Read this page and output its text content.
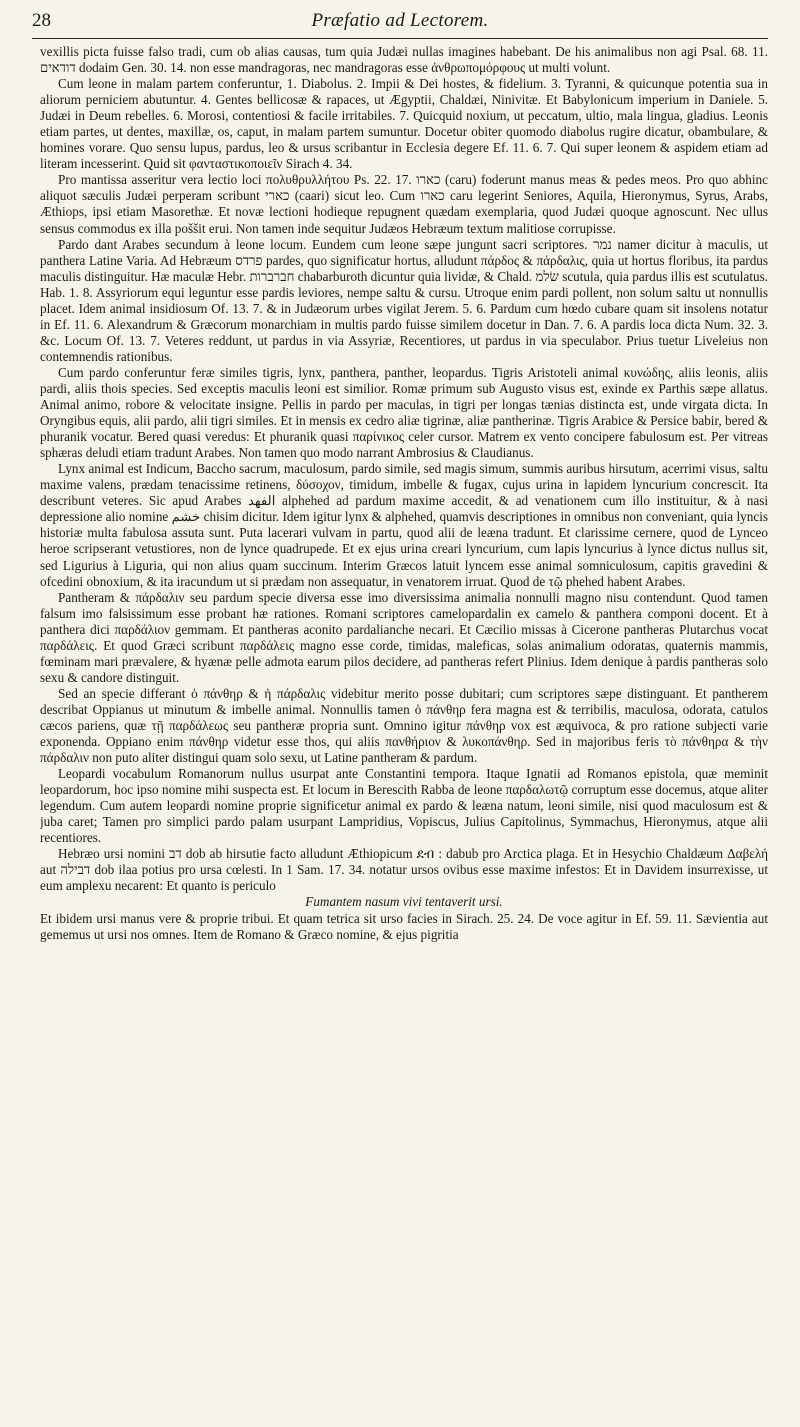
28	Præfatio ad Lectorem.

vexillis picta fuisse falso tradi, cum ob alias causas, tum quia Judæi nullas imagines habebant. De his animalibus non agi Psal. 68. 11. דודאים dodaim Gen. 30. 14. non esse mandragoras, nec mandragoras esse ἀνθρωπομόρφους ut multi volunt.

Cum leone in malam partem conferuntur, 1. Diabolus. 2. Impii & Dei hostes, & fidelium. 3. Tyranni, & quicunque potentia sua in aliorum perniciem abutuntur. 4. Gentes bellicosæ & rapaces, ut Ægyptii, Chaldæi, Ninivitæ. Et Babylonicum imperium in Daniele. 5. Judæi in Deum rebelles. 6. Morosi, contentiosi & facile irritabiles. 7. Quicquid noxium, ut peccatum, ultio, mala lingua, gladius. Leonis etiam partes, ut dentes, maxillæ, os, caput, in malam partem sumuntur. Docetur obiter quomodo diabolus rugire dicatur, obambulare, & homines vorare. Quo sensu lupus, pardus, leo & ursus scribantur in Ecclesia degere Ef. 11. 6. 7. Qui super leonem & aspidem etiam ad literam incesserint. Quid sit φανταστικοποιεῖν Sirach 4. 34.

Pro mantissa asseritur vera lectio loci πολυθρυλλήτου Ps. 22. 17. כארו (caru) foderunt manus meas & pedes meos. Pro quo abhinc aliquot sæculis Judæi perperam scribunt כארי (caari) sicut leo. Cum כארו caru legerint Seniores, Aquila, Hieronymus, Syrus, Arabs, Æthiops, ipsi etiam Masorethæ. Et novæ lectioni hodieque repugnent quædam exemplaria, quod Judæi quoque agnoscunt. Nec ullus sensus commodus ex illa poššit erui. Non tamen inde sequitur Judæos Hebræum textum malitiose corrupisse.

Pardo dant Arabes secundum à leone locum. Eundem cum leone sæpe jungunt sacri scriptores. נמר namer dicitur à maculis, ut panthera Latine Varia. Ad Hebræum פרדס pardes, quo significatur hortus, alludunt πάρδος & πάρδαλις, quia ut hortus floribus, ita pardus maculis distinguitur. Hæ maculæ Hebr. חברברות chabarburoth dicuntur quia lividæ, & Chald. שׂלמ scutula, quia pardus illis est scutulatus. Hab. 1. 8. Assyriorum equi leguntur esse pardis leviores, nempe saltu & cursu. Utroque enim pardi pollent, non solum saltu ut nonnullis placet. Idem animal insidiosum Of. 13. 7. & in Judæorum urbes vigilat Jerem. 5. 6. Pardum cum hœdo cubare quam sit insolens notatur in Ef. 11. 6. Alexandrum & Græcorum monarchiam in multis pardo fuisse similem docetur in Dan. 7. 6. A pardis loca dicta Num. 32. 3. &c. Locum Of. 13. 7. Veteres reddunt, ut pardus in via Assyriæ, Recentiores, ut pardus in via speculabor. Prius tuetur Liveleius non contemnendis rationibus.

Cum pardo conferuntur feræ similes tigris, lynx, panthera, panther, leopardus. Tigris Aristoteli animal κυνώδης, aliis leonis, aliis pardi, aliis thois species. Sed exceptis maculis leoni est similior. Romæ primum sub Augusto visus est, exinde ex Parthis sæpe allatus. Animal animo, robore & velocitate insigne. Pellis in pardo per maculas, in tigri per longas tænias distincta est, unde virgata dicta. In Oryngibus equis, alii pardo, alii tigri similes. Et in mensis ex cedro aliæ tigrinæ, aliæ pantherinæ. Tigris Arabice & Persice babir, bered & phuranik vocatur. Bered quasi veredus: Et phuranik quasi παρίνικος celer cursor. Matrem ex vento concipere fabulosum est. Per vitreas sphæras deludi etiam tradunt Arabes. Non tamen quo modo narrant Ambrosius & Claudianus.

Lynx animal est Indicum, Baccho sacrum, maculosum, pardo simile, sed magis simum, summis auribus hirsutum, acerrimi visus, saltu maxime valens, prædam tenacissime retinens, δύσοχον, timidum, imbelle & fugax, cujus urina in lapidem lyncurium concrescit. Ita describunt veteres. Sic apud Arabes الفهد alphehed ad pardum maxime accedit, & ad venationem cum illo instituitur, & à nasi depressione alio nomine خشم chisim dicitur. Idem igitur lynx & alphehed, quamvis descriptiones in omnibus non conveniant, quia lyncis historiæ multa fabulosa assuta sunt. Puta lacerari vulvam in partu, quod alii de leæna tradunt. Et clarissime cernere, quod de Lynceo heroe scripserant vetustiores, non de lynce quadrupede. Et ex ejus urina creari lyncurium, cum lapis lyncurius à lynce dictus nullus sit, sed Ligurius à Liguria, qui non alius quam succinum. Interim Græcos latuit lyncem esse animal somniculosum, capitis gravedini & ofcedini obnoxium, & ita iracundum ut si prædam non assequatur, in venatorem irruat. Quod de τῷ phehed habent Arabes.

Pantheram & πάρδαλιν seu pardum specie diversa esse imo diversissima animalia nonnulli magno nisu contendunt. Quod tamen falsum imo falsissimum esse probant hæ rationes. Romani scriptores camelopardalin ex camelo & panthera componi docent. Et à panthera dici παρδάλιον gemmam. Et pantheras aconito pardalianche necari. Et Cæcilio missas à Cicerone pantheras Plutarchus vocat παρδάλεις. Et quod Græci scribunt παρδάλεις magno esse corde, timidas, maleficas, solas animalium odoratas, quaternis mammis, fœminam mari prævalere, & hyænæ pelle admota earum pilos decidere, ad pantheras refert Plinius. Idem denique à pardis pantheras solo sexu & candore distinguit.

Sed an specie differant ὁ πάνθηρ & ἡ πάρδαλις videbitur merito posse dubitari; cum scriptores sæpe distinguant. Et pantherem describat Oppianus ut minutum & imbelle animal. Nonnullis tamen ὁ πάνθηρ fera magna est & terribilis, maculosa, odorata, catulos cæcos pariens, quæ τῇ παρδάλεως seu pantheræ propria sunt. Omnino igitur πάνθηρ vox est æquivoca, & pro ratione subjecti varie exponenda. Oppiano enim πάνθηρ videtur esse thos, qui aliis πανθήριον & λυκοπάνθηρ. Sed in majoribus feris τὸ πάνθηρα & τὴν πάρδαλιν non puto aliter distingui quam solo sexu, ut Latine pantheram & pardum.

Leopardi vocabulum Romanorum nullus usurpat ante Constantini tempora. Itaque Ignatii ad Romanos epistola, quæ meminit leopardorum, hoc ipso nomine mihi suspecta est. Et locum in Berescith Rabba de leone παρδαλωτῷ corruptum esse docemus, atque aliter legendum. Cum autem leopardi nomine proprie significetur animal ex pardo & leæna natum, leoni simile, nisi quod maculosum est & juba caret; Tamen pro simplici pardo palam usurpant Lampridius, Vopiscus, Julius Capitolinus, Symmachus, Hieronymus, atque alii recentiores.

Hebræo ursi nomini דב dob ab hirsutie facto alludunt Æthiopicum ደብ : dabub pro Arctica plaga. Et in Hesychio Chaldæum Δαβελή aut דבילה dob ilaa potius pro ursa cœlesti. In 1 Sam. 17. 34. notatur ursos ovibus esse maxime infestos: Et in Davidem insurrexisse, ut eum amplexu necarent: Et quanto is periculo

Fumantem nasum vivi tentaverit ursi.

Et ibidem ursi manus vere & proprie tribui. Et quam tetrica sit urso facies in Sirach. 25. 24. De voce agitur in Ef. 59. 11. Sævientia aut gememus ut ursi nos omnes. Item de Romano & Græco nomine, & ejus pigritia
